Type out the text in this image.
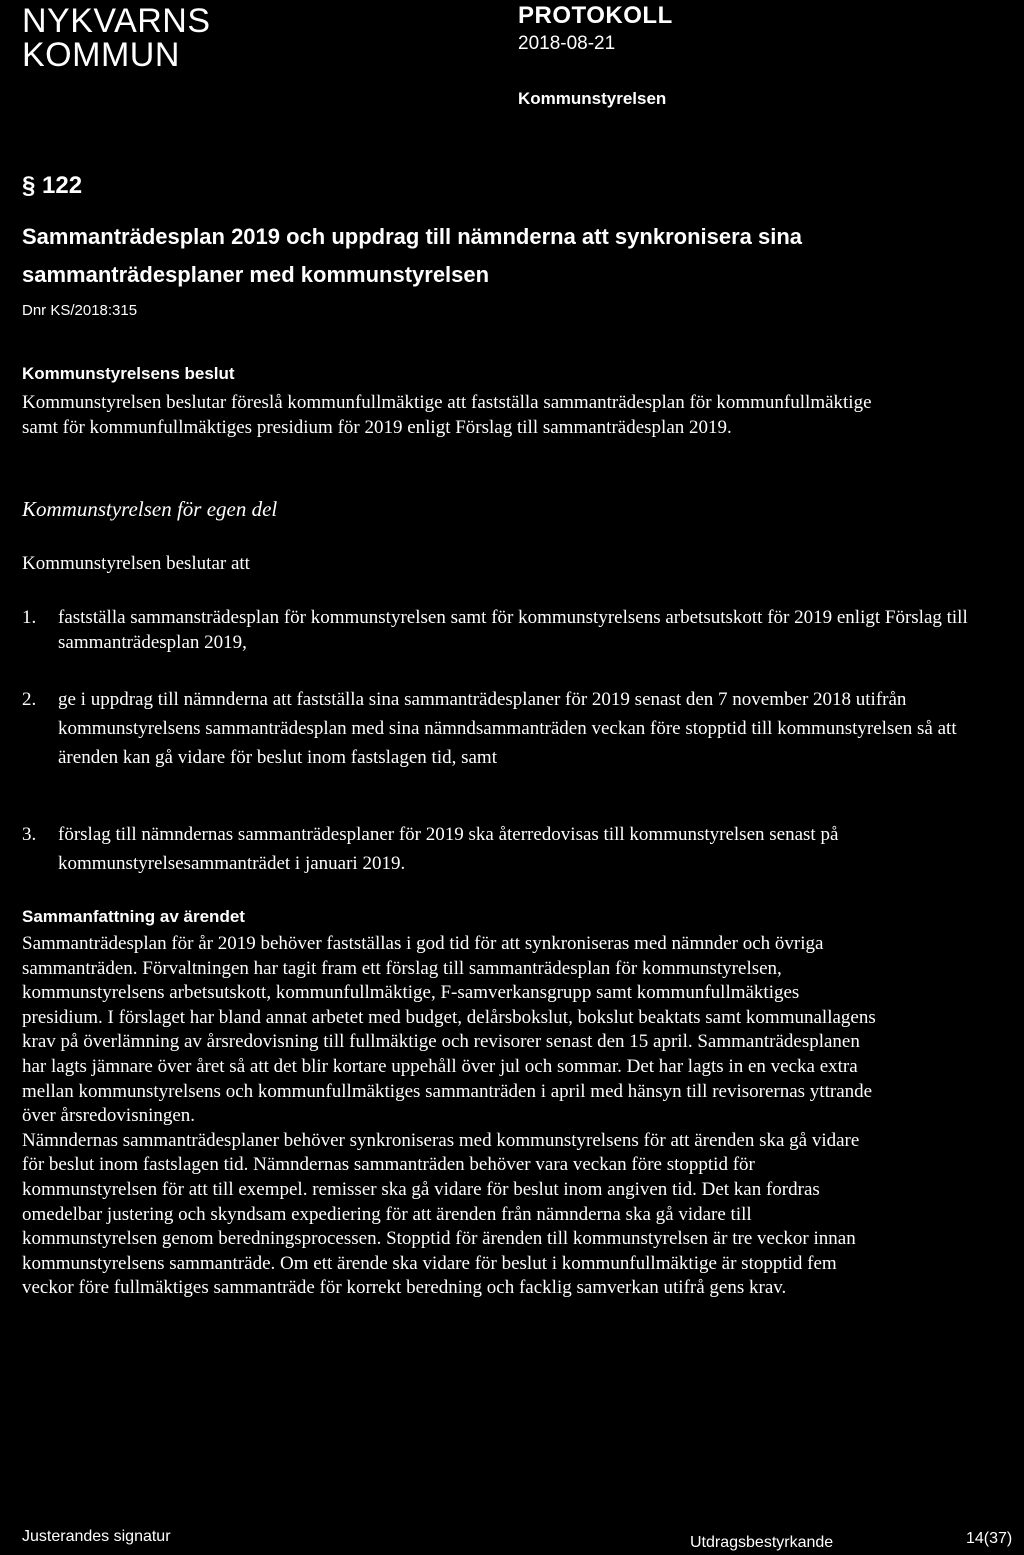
NYKVARNS
KOMMUN
PROTOKOLL
2018-08-21
Kommunstyrelsen
§ 122
Sammanträdesplan 2019 och uppdrag till nämnderna att synkronisera sina sammanträdesplaner med kommunstyrelsen
Dnr KS/2018:315
Kommunstyrelsens beslut
Kommunstyrelsen beslutar föreslå kommunfullmäktige att fastställa sammanträdesplan för kommunfullmäktige samt för kommunfullmäktiges presidium för 2019 enligt Förslag till sammanträdesplan 2019.
Kommunstyrelsen för egen del
Kommunstyrelsen beslutar att
1. fastställa sammansträdesplan för kommunstyrelsen samt för kommunstyrelsens arbetsutskott för 2019 enligt Förslag till sammanträdesplan 2019,
2. ge i uppdrag till nämnderna att fastställa sina sammanträdesplaner för 2019 senast den 7 november 2018 utifrån kommunstyrelsens sammanträdesplan med sina nämndsammanträden veckan före stopptid till kommunstyrelsen så att ärenden kan gå vidare för beslut inom fastslagen tid, samt
3. förslag till nämndernas sammanträdesplaner för 2019 ska återredovisas till kommunstyrelsen senast på kommunstyrelsesammanträdet i januari 2019.
Sammanfattning av ärendet
Sammanträdesplan för år 2019 behöver fastställas i god tid för att synkroniseras med nämnder och övriga sammanträden. Förvaltningen har tagit fram ett förslag till sammanträdesplan för kommunstyrelsen, kommunstyrelsens arbetsutskott, kommunfullmäktige, F-samverkansgrupp samt kommunfullmäktiges presidium. I förslaget har bland annat arbetet med budget, delårsbokslut, bokslut beaktats samt kommunallagens krav på överlämning av årsredovisning till fullmäktige och revisorer senast den 15 april. Sammanträdesplanen har lagts jämnare över året så att det blir kortare uppehåll över jul och sommar. Det har lagts in en vecka extra mellan kommunstyrelsens och kommunfullmäktiges sammanträden i april med hänsyn till revisorernas yttrande över årsredovisningen.
Nämndernas sammanträdesplaner behöver synkroniseras med kommunstyrelsens för att ärenden ska gå vidare för beslut inom fastslagen tid. Nämndernas sammanträden behöver vara veckan före stopptid för kommunstyrelsen för att till exempel. remisser ska gå vidare för beslut inom angiven tid. Det kan fordras omedelbar justering och skyndsam expediering för att ärenden från nämnderna ska gå vidare till kommunstyrelsen genom beredningsprocessen. Stopptid för ärenden till kommunstyrelsen är tre veckor innan kommunstyrelsens sammanträde. Om ett ärende ska vidare för beslut i kommunfullmäktige är stopptid fem veckor före fullmäktiges sammanträde för korrekt beredning och facklig samverkan utifrå gens krav.
Justerandes signatur	Utdragsbestyrkande	14(37)
